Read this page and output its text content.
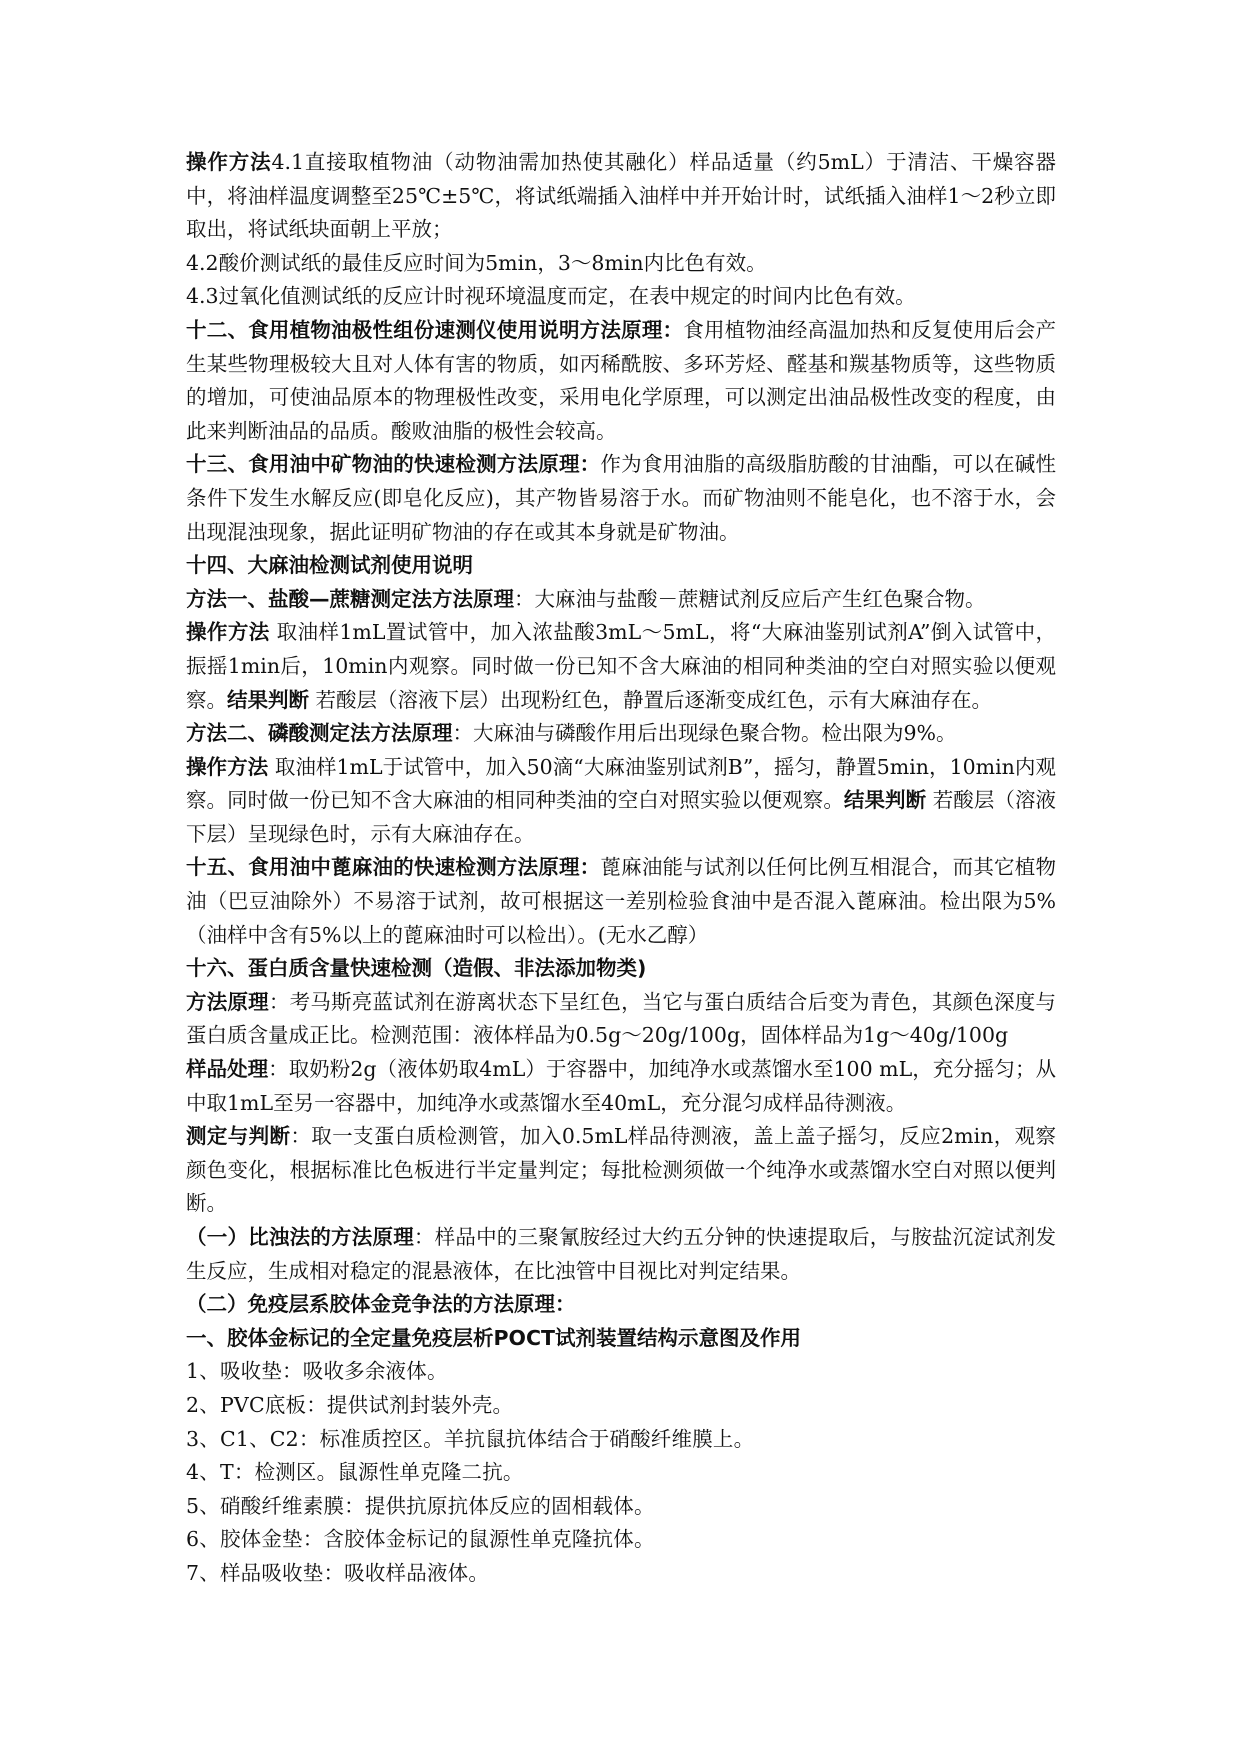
操作方法4.1直接取植物油（动物油需加热使其融化）样品适量（约5mL）于清洁、干燥容器中，将油样温度调整至25℃±5℃，将试纸端插入油样中并开始计时，试纸插入油样1～2秒立即取出，将试纸块面朝上平放；

4.2酸价测试纸的最佳反应时间为5min，3～8min内比色有效。

4.3过氧化值测试纸的反应计时视环境温度而定，在表中规定的时间内比色有效。

十二、食用植物油极性组份速测仪使用说明方法原理：食用植物油经高温加热和反复使用后会产生某些物理极较大且对人体有害的物质，如丙稀酰胺、多环芳烃、醛基和羰基物质等，这些物质的增加，可使油品原本的物理极性改变，采用电化学原理，可以测定出油品极性改变的程度，由此来判断油品的品质。酸败油脂的极性会较高。

十三、食用油中矿物油的快速检测方法原理：作为食用油脂的高级脂肪酸的甘油酯，可以在碱性条件下发生水解反应(即皂化反应)，其产物皆易溶于水。而矿物油则不能皂化，也不溶于水，会出现混浊现象，据此证明矿物油的存在或其本身就是矿物油。

十四、大麻油检测试剂使用说明

方法一、盐酸—蔗糖测定法方法原理：大麻油与盐酸－蔗糖试剂反应后产生红色聚合物。

操作方法 取油样1mL置试管中，加入浓盐酸3mL～5mL，将“大麻油鉴别试剂A”倒入试管中，振摇1min后，10min内观察。同时做一份已知不含大麻油的相同种类油的空白对照实验以便观察。结果判断 若酸层（溶液下层）出现粉红色，静置后逐渐变成红色，示有大麻油存在。

方法二、磷酸测定法方法原理：大麻油与磷酸作用后出现绿色聚合物。检出限为9%。

操作方法 取油样1mL于试管中，加入50滴“大麻油鉴别试剂B”，摇匀，静置5min，10min内观察。同时做一份已知不含大麻油的相同种类油的空白对照实验以便观察。结果判断 若酸层（溶液下层）呈现绿色时，示有大麻油存在。

十五、食用油中蓖麻油的快速检测方法原理：蓖麻油能与试剂以任何比例互相混合，而其它植物油（巴豆油除外）不易溶于试剂，故可根据这一差别检验食油中是否混入蓖麻油。检出限为5%（油样中含有5%以上的蓖麻油时可以检出）。(无水乙醇）

十六、蛋白质含量快速检测（造假、非法添加物类)

方法原理：考马斯亮蓝试剂在游离状态下呈红色，当它与蛋白质结合后变为青色，其颜色深度与蛋白质含量成正比。检测范围：液体样品为0.5g～20g/100g，固体样品为1g～40g/100g

样品处理：取奶粉2g（液体奶取4mL）于容器中，加纯净水或蒸馏水至100 mL，充分摇匀；从中取1mL至另一容器中，加纯净水或蒸馏水至40mL，充分混匀成样品待测液。

测定与判断：取一支蛋白质检测管，加入0.5mL样品待测液，盖上盖子摇匀，反应2min，观察颜色变化，根据标准比色板进行半定量判定；每批检测须做一个纯净水或蒸馏水空白对照以便判断。

（一）比浊法的方法原理：样品中的三聚氰胺经过大约五分钟的快速提取后，与胺盐沉淀试剂发生反应，生成相对稳定的混悬液体，在比浊管中目视比对判定结果。

（二）免疫层系胶体金竞争法的方法原理：

一、胶体金标记的全定量免疫层析POCT试剂装置结构示意图及作用

1、吸收垫：吸收多余液体。

2、PVC底板：提供试剂封装外壳。

3、C1、C2：标准质控区。羊抗鼠抗体结合于硝酸纤维膜上。

4、T：检测区。鼠源性单克隆二抗。

5、硝酸纤维素膜：提供抗原抗体反应的固相载体。

6、胶体金垫：含胶体金标记的鼠源性单克隆抗体。

7、样品吸收垫：吸收样品液体。
